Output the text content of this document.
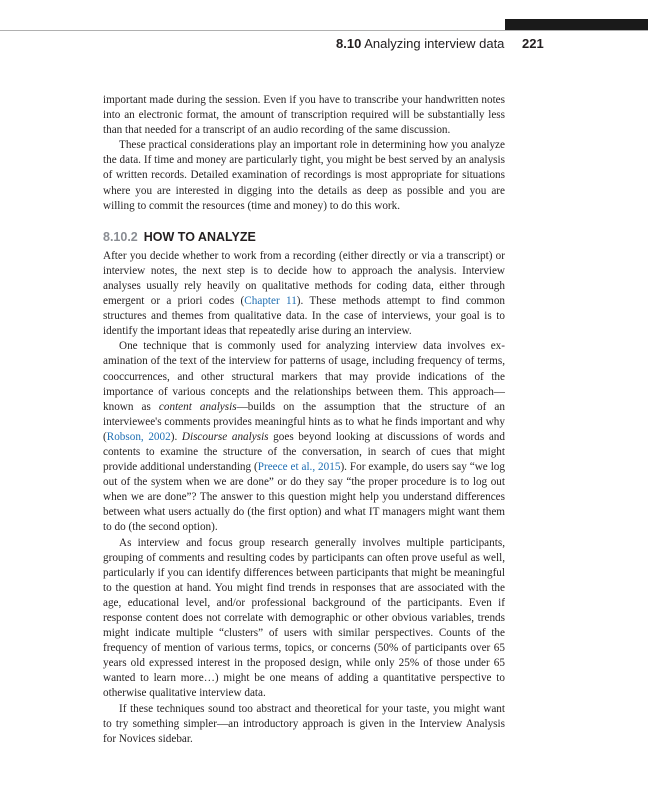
8.10 Analyzing interview data 221

important made during the session. Even if you have to transcribe your handwritten notes into an electronic format, the amount of transcription required will be substantially less than that needed for a transcript of an audio recording of the same discussion.

These practical considerations play an important role in determining how you analyze the data. If time and money are particularly tight, you might be best served by an analysis of written records. Detailed examination of recordings is most appropriate for situations where you are interested in digging into the details as deep as possible and you are willing to commit the resources (time and money) to do this work.

8.10.2 HOW TO ANALYZE

After you decide whether to work from a recording (either directly or via a transcript) or interview notes, the next step is to decide how to approach the analysis. Interview analyses usually rely heavily on qualitative methods for coding data, either through emergent or a priori codes (Chapter 11). These methods attempt to find common structures and themes from qualitative data. In the case of interviews, your goal is to identify the important ideas that repeatedly arise during an interview.

One technique that is commonly used for analyzing interview data involves examination of the text of the interview for patterns of usage, including frequency of terms, cooccurrences, and other structural markers that may provide indications of the importance of various concepts and the relationships between them. This approach—known as content analysis—builds on the assumption that the structure of an interviewee's comments provides meaningful hints as to what he finds important and why (Robson, 2002). Discourse analysis goes beyond looking at discussions of words and contents to examine the structure of the conversation, in search of cues that might provide additional understanding (Preece et al., 2015). For example, do users say “we log out of the system when we are done” or do they say “the proper procedure is to log out when we are done”? The answer to this question might help you understand differences between what users actually do (the first option) and what IT managers might want them to do (the second option).

As interview and focus group research generally involves multiple participants, grouping of comments and resulting codes by participants can often prove useful as well, particularly if you can identify differences between participants that might be meaningful to the question at hand. You might find trends in responses that are associated with the age, educational level, and/or professional background of the participants. Even if response content does not correlate with demographic or other obvious variables, trends might indicate multiple “clusters” of users with similar perspectives. Counts of the frequency of mention of various terms, topics, or concerns (50% of participants over 65 years old expressed interest in the proposed design, while only 25% of those under 65 wanted to learn more…) might be one means of adding a quantitative perspective to otherwise qualitative interview data.

If these techniques sound too abstract and theoretical for your taste, you might want to try something simpler—an introductory approach is given in the Interview Analysis for Novices sidebar.
